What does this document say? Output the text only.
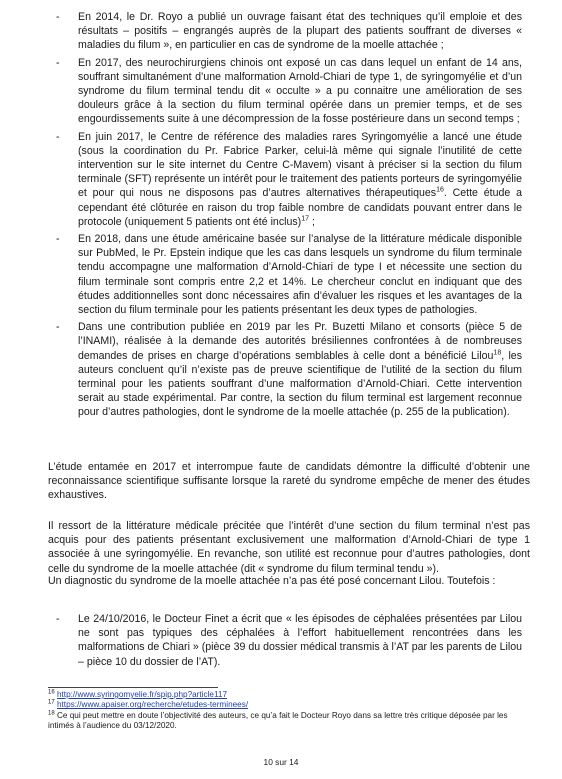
- En 2014, le Dr. Royo a publié un ouvrage faisant état des techniques qu’il emploie et des résultats – positifs – engrangés auprès de la plupart des patients souffrant de diverses « maladies du filum », en particulier en cas de syndrome de la moelle attachée ;
- En 2017, des neurochirurgiens chinois ont exposé un cas dans lequel un enfant de 14 ans, souffrant simultanément d’une malformation Arnold-Chiari de type 1, de syringomyélie et d’un syndrome du filum terminal tendu dit « occulte » a pu connaitre une amélioration de ses douleurs grâce à la section du filum terminal opérée dans un premier temps, et de ses engourdissements suite à une décompression de la fosse postérieure dans un second temps ;
- En juin 2017, le Centre de référence des maladies rares Syringomyélie a lancé une étude (sous la coordination du Pr. Fabrice Parker, celui-là même qui signale l’inutilité de cette intervention sur le site internet du Centre C-Mavem) visant à préciser si la section du filum terminale (SFT) représente un intérêt pour le traitement des patients porteurs de syringomyélie et pour qui nous ne disposons pas d’autres alternatives thérapeutiques$^{16}$. Cette étude a cependant été clôturée en raison du trop faible nombre de candidats pouvant entrer dans le protocole (uniquement 5 patients ont été inclus)$^{17}$ ;
- En 2018, dans une étude américaine basée sur l’analyse de la littérature médicale disponible sur PubMed, le Pr. Epstein indique que les cas dans lesquels un syndrome du filum terminale tendu accompagne une malformation d’Arnold-Chiari de type I et nécessite une section du filum terminale sont compris entre 2,2 et 14%. Le chercheur conclut en indiquant que des études additionnelles sont donc nécessaires afin d’évaluer les risques et les avantages de la section du filum terminale pour les patients présentant les deux types de pathologies.
- Dans une contribution publiée en 2019 par les Pr. Buzetti Milano et consorts (pièce 5 de l’INAMI), réalisée à la demande des autorités brésiliennes confrontées à de nombreuses demandes de prises en charge d’opérations semblables à celle dont a bénéficié Lilou$^{18}$, les auteurs concluent qu’il n’existe pas de preuve scientifique de l’utilité de la section du filum terminal pour les patients souffrant d’une malformation d’Arnold-Chiari. Cette intervention serait au stade expérimental. Par contre, la section du filum terminal est largement reconnue pour d’autres pathologies, dont le syndrome de la moelle attachée (p. 255 de la publication).
L’étude entamée en 2017 et interrompue faute de candidats démontre la difficulté d’obtenir une reconnaissance scientifique suffisante lorsque la rareté du syndrome empêche de mener des études exhaustives.
Il ressort de la littérature médicale précitée que l’intérêt d’une section du filum terminal n’est pas acquis pour des patients présentant exclusivement une malformation d’Arnold-Chiari de type 1 associée à une syringomyélie. En revanche, son utilité est reconnue pour d’autres pathologies, dont celle du syndrome de la moelle attachée (dit « syndrome du filum terminal tendu »).
Un diagnostic du syndrome de la moelle attachée n’a pas été posé concernant Lilou. Toutefois :
- Le 24/10/2016, le Docteur Finet a écrit que « les épisodes de céphalées présentées par Lilou ne sont pas typiques des céphalées à l’effort habituellement rencontrées dans les malformations de Chiari » (pièce 39 du dossier médical transmis à l’AT par les parents de Lilou – pièce 10 du dossier de l’AT).
$^{16}$ http://www.syringomyelie.fr/spip.php?article117
$^{17}$ https://www.apaiser.org/recherche/etudes-terminees/
$^{18}$ Ce qui peut mettre en doute l’objectivité des auteurs, ce qu’a fait le Docteur Royo dans sa lettre très critique déposée par les intimés à l’audience du 03/12/2020.
10 sur 14
